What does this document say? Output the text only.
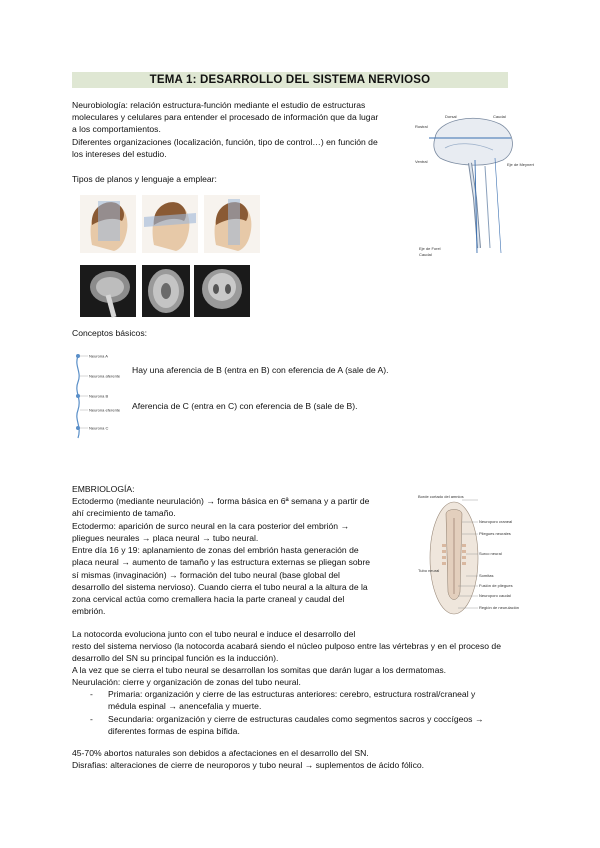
TEMA 1: DESARROLLO DEL SISTEMA NERVIOSO
Neurobiología: relación estructura-función mediante el estudio de estructuras
moleculares y celulares para entender el procesado de información que da lugar
a los comportamientos.
Diferentes organizaciones (localización, función, tipo de control…) en función de
los intereses del estudio.
Tipos de planos y lenguaje a emplear:
Dorsal	Caudal
Rostral
Ventral
Eje de Meynert
Eje de Forel
Caudal
Conceptos básicos:
Neurona A
Neurona aferente
Neurona B
Neurona eferente
Neurona C
Hay una aferencia de B (entra en B) con eferencia de A (sale de A).
Aferencia de C (entra en C) con eferencia de B (sale de B).
EMBRIOLOGÍA:
Ectodermo (mediante neurulación) → forma básica en 6ª semana y a partir de
ahí crecimiento de tamaño.
Ectodermo: aparición de surco neural en la cara posterior del embrión →
pliegues neurales → placa neural → tubo neural.
Entre día 16 y 19: aplanamiento de zonas del embrión hasta generación de
placa neural → aumento de tamaño y las estructura externas se pliegan sobre
sí mismas (invaginación) → formación del tubo neural (base global del
desarrollo del sistema nervioso). Cuando cierra el tubo neural a la altura de la
zona cervical actúa como cremallera hacia la parte craneal y caudal del
embrión.
Borde cortado del amnios
Neuroporo craneal
Pliegues neurales
Surco neural
Somitas
Fusión de pliegues
Neuroporo caudal
Región de neurulación
Tubo neural
La notocorda evoluciona junto con el tubo neural e induce el desarrollo del
resto del sistema nervioso (la notocorda acabará siendo el núcleo pulposo entre las vértebras y en el proceso de
desarrollo del SN su principal función es la inducción).
A la vez que se cierra el tubo neural se desarrollan los somitas que darán lugar a los dermatomas.
Neurulación: cierre y organización de zonas del tubo neural.
- Primaria: organización y cierre de las estructuras anteriores: cerebro, estructura rostral/craneal y
médula espinal → anencefalia y muerte.
- Secundaria: organización y cierre de estructuras caudales como segmentos sacros y coccígeos →
diferentes formas de espina bífida.
45-70% abortos naturales son debidos a afectaciones en el desarrollo del SN.
Disrafias: alteraciones de cierre de neuroporos y tubo neural → suplementos de ácido fólico.
